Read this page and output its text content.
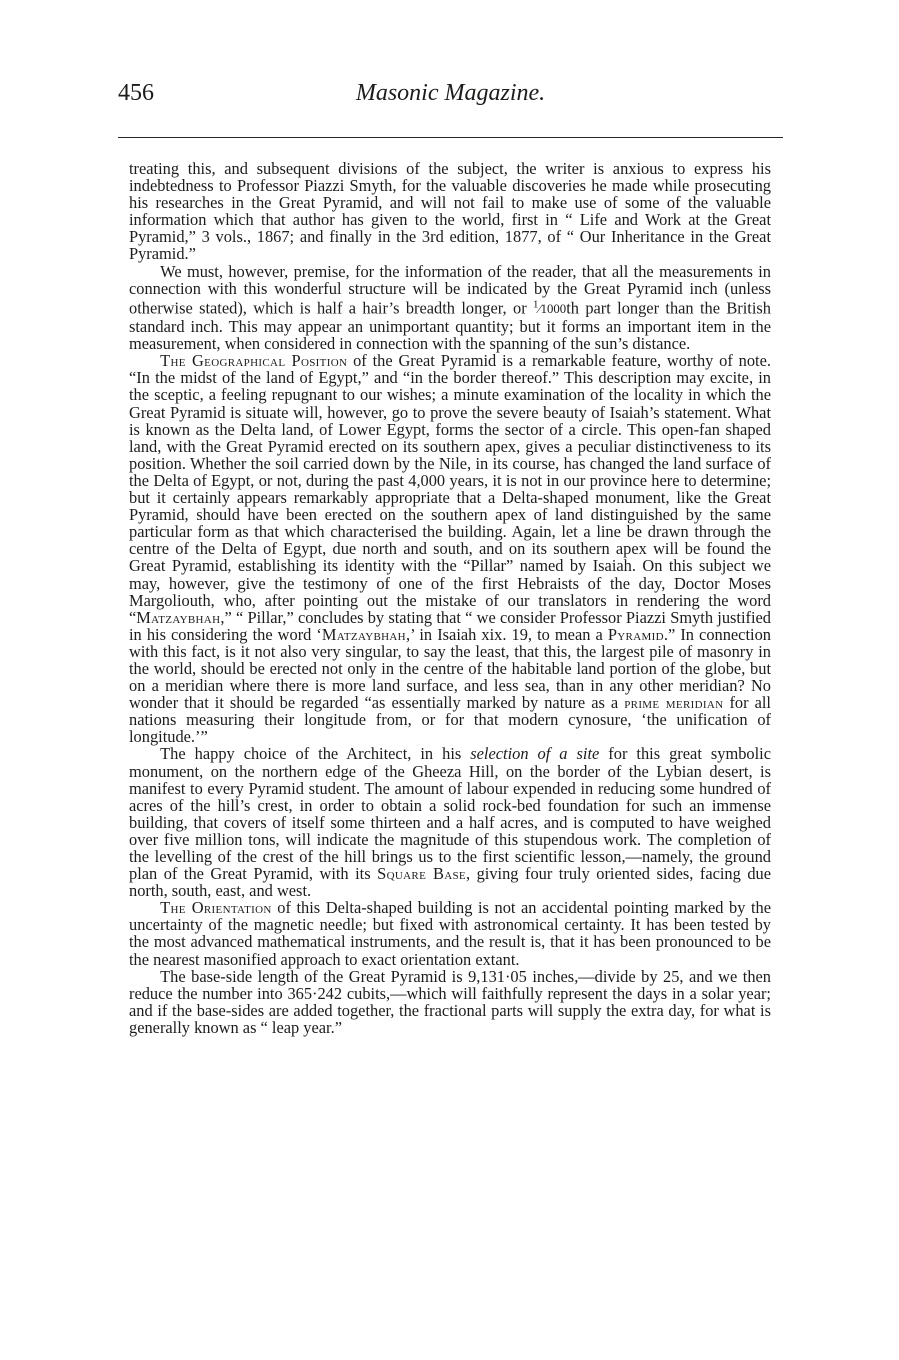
456	Masonic Magazine.

treating this, and subsequent divisions of the subject, the writer is anxious to express his indebtedness to Professor Piazzi Smyth, for the valuable discoveries he made while prosecuting his researches in the Great Pyramid, and will not fail to make use of some of the valuable information which that author has given to the world, first in “ Life and Work at the Great Pyramid,” 3 vols., 1867; and finally in the 3rd edition, 1877, of “ Our Inheritance in the Great Pyramid.”

We must, however, premise, for the information of the reader, that all the measurements in connection with this wonderful structure will be indicated by the Great Pyramid inch (unless otherwise stated), which is half a hair’s breadth longer, or $^1$⁄1000th part longer than the British standard inch. This may appear an unimportant quantity; but it forms an important item in the measurement, when considered in connection with the spanning of the sun’s distance.

The Geographical Position of the Great Pyramid is a remarkable feature, worthy of note. “In the midst of the land of Egypt,” and “in the border thereof.” This description may excite, in the sceptic, a feeling repugnant to our wishes; a minute examination of the locality in which the Great Pyramid is situate will, however, go to prove the severe beauty of Isaiah’s statement. What is known as the Delta land, of Lower Egypt, forms the sector of a circle. This open-fan shaped land, with the Great Pyramid erected on its southern apex, gives a peculiar distinctiveness to its position. Whether the soil carried down by the Nile, in its course, has changed the land surface of the Delta of Egypt, or not, during the past 4,000 years, it is not in our province here to determine; but it certainly appears remarkably appropriate that a Delta-shaped monument, like the Great Pyramid, should have been erected on the southern apex of land distinguished by the same particular form as that which characterised the building. Again, let a line be drawn through the centre of the Delta of Egypt, due north and south, and on its southern apex will be found the Great Pyramid, establishing its identity with the “Pillar” named by Isaiah. On this subject we may, however, give the testimony of one of the first Hebraists of the day, Doctor Moses Margoliouth, who, after pointing out the mistake of our translators in rendering the word “Matzaybhah,” “ Pillar,” concludes by stating that “ we consider Professor Piazzi Smyth justified in his considering the word ‘Matzaybhah,’ in Isaiah xix. 19, to mean a Pyramid.” In connection with this fact, is it not also very singular, to say the least, that this, the largest pile of masonry in the world, should be erected not only in the centre of the habitable land portion of the globe, but on a meridian where there is more land surface, and less sea, than in any other meridian? No wonder that it should be regarded “as essentially marked by nature as a prime meridian for all nations measuring their longitude from, or for that modern cynosure, ‘the unification of longitude.’”

The happy choice of the Architect, in his selection of a site for this great symbolic monument, on the northern edge of the Gheeza Hill, on the border of the Lybian desert, is manifest to every Pyramid student. The amount of labour expended in reducing some hundred of acres of the hill’s crest, in order to obtain a solid rock-bed foundation for such an immense building, that covers of itself some thirteen and a half acres, and is computed to have weighed over five million tons, will indicate the magnitude of this stupendous work. The completion of the levelling of the crest of the hill brings us to the first scientific lesson,—namely, the ground plan of the Great Pyramid, with its Square Base, giving four truly oriented sides, facing due north, south, east, and west.

The Orientation of this Delta-shaped building is not an accidental pointing marked by the uncertainty of the magnetic needle; but fixed with astronomical certainty. It has been tested by the most advanced mathematical instruments, and the result is, that it has been pronounced to be the nearest masonified approach to exact orientation extant.

The base-side length of the Great Pyramid is 9,131·05 inches,—divide by 25, and we then reduce the number into 365·242 cubits,—which will faithfully represent the days in a solar year; and if the base-sides are added together, the fractional parts will supply the extra day, for what is generally known as “ leap year.”
